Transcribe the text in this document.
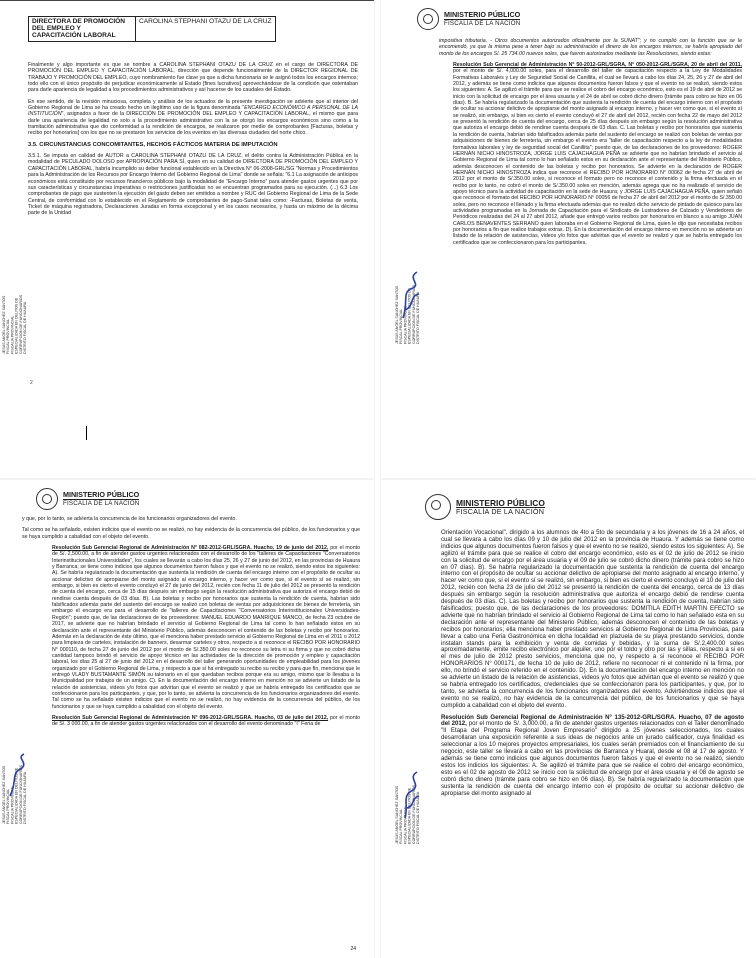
DIRECTORA DE PROMOCIÓN DEL EMPLEO Y CAPACITACIÓN LABORAL	CAROLINA STEPHANI OTAZU DE LA CRUZ

Finalmente y algo importante es que se nombre a CAROLINA STEPHANI OTAZU DE LA CRUZ en el cargo de DIRECTORA DE PROMOCIÓN DEL EMPLEO Y CAPACITACIÓN LABORAL, dirección que depende funcionalmente de la DIRECTOR REGIONAL DE TRABAJO Y PROMOCIÓN DEL EMPLEO, cuyo nombramiento fue clave ya que a dicha funcionaria se le asignó todos los encargos internos; todo ello con el único propósito de perjudicar económicamente al Estado [fines lucrativos] aprovechándose de la condición que ostentaban para darle apariencia de legalidad a los procedimientos administrativos y así hacerse de los caudales del Estado.

En ese sentido, de la revisión minuciosa, completa y análisis de los actuados de la presente investigación se advierte que al interior del Gobierno Regional de Lima se ha creado hecho un ilegítimo uso de la figura denominada "ENCARGO ECONÓMICO A PERSONAL DE LA INSTITUCIÓN", asignados a favor de la DIRECCIÓN DE PROMOCIÓN DEL EMPLEO Y CAPACITACIÓN LABORAL, el mismo que para darle una apariencia de legalidad no solo a la procedimiento administrativo con la se otorgó los encargos económicos sino como a la tramitación administrativa que dio conformidad a la rendición de encargos, se realizaron por medio de comprobantes [Facturas, boletas y recibo por honorarios] con los que no se prestaron los servicios de los eventos en las diversas ciudades del norte chico.

3.5. CIRCUNSTANCIAS CONCOMITANTES, HECHOS FÁCTICOS MATERIA DE IMPUTACIÓN

3.5.1. Se imputa en calidad de AUTOR a CAROLINA STEPHANI OTAZU DE LA CRUZ, el delito contra la Administración Pública en la modalidad de PECULADO DOLOSO por APROPIACIÓN PARA SÍ, quien en su calidad de DIRECTORA DE PROMOCIÓN DEL EMPLEO Y CAPACITACIÓN LABORAL, habría incumplido su deber funcional establecido en la Directiva N° 06-2008-GRL/SG "Normas y Procedimientos para la Administración de los Recursos por Encargo Interno del Gobierno Regional de Lima" donde se señala: "6.1 La asignación de anticipos económicos está constituido por recursos financieros públicos bajo la modalidad de "Encargo Interno" para atender gastos urgentes que por sus características y circunstancias imperativas o restricciones justificadas no se encuentran programados para su ejecución. (...) 6.3 Los comprobantes de pago que sustenten la ejecución del gasto deben ser emitidos a nombre y RUC del Gobierno Regional de Lima de la Sede Central, de conformidad con lo establecido en el Reglamento de comprobantes de pago-Sunat tales como: -Facturas, Boletas de venta, Ticket de máquina registradora, Declaraciones Juradas en forma excepcional y en los casos necesarios, y hasta un máximo de la décima parte de la Unidad

JESUS ANGEL SANCHEZ SANTOS
FISCAL PROVINCIAL
FISCALIA PROVINCIAL
ESPECIALIZADA EN DELITOS DE
CORRUPCION DE FUNCIONARIOS
DISTRITO FISCAL DE HUAURA
2
MINISTERIO PÚBLICO
FISCALÍA DE LA NACIÓN

impositiva tributaria. - Otros documentos autorizados oficialmente por la SUNAT"; y no cumplió con la función que se le encomendó, ya que la misma pese a tener bajo su administración el dinero de los encargos internos, se habría apropiado del monto de los encargos S/. 25 734.00 nuevos soles, que fueron autorizados mediante las Resoluciones, siendo estas:

Resolución Sub Gerencial de Administración N° 50-2012-GRL/SGRA, N° 050-2012-GRL/SGRA, 20 de abril del 2011, por el monto de S/. 4,000.00 soles, para el desarrollo del taller de capacitación respecto a la Ley de Modalidades Formativas Laborales y Ley de Seguridad Social de Canillita, el cual se llevará a cabo los días 24, 25, 26 y 27 de abril del 2012, y además se tiene como indicios que algunos documentos fueron falsos y que el evento no se realizó, siendo estos los siguientes: A. Se agilizó el trámite para que se realice el cobro del encargo económico, esto es el 19 de abril de 2012 se inicio con la solicitud de encargo por el área usuaria y el 24 de abril se cobró dicho dinero (trámite para cobro se hizo en 06 días). B. Se habría regularizado la documentación que sustenta la rendición de cuenta del encargo interno con el propósito de ocultar su accionar delictivo de apropiarse del monto asignado al encargo interno, y hacer ver como que, si el evento sí se realizó, sin embargo, si bien es cierto el evento concluyó el 27 de abril del 2012, recién con fecha 22 de mayo del 2012 se presentó la rendición de cuenta del encargo, cerca de 25 días después sin embargo según la resolución administrativa que autoriza el encargo debió de rendirse cuenta después de 03 días. C. Las boletas y recibo por honorarios que sustenta la rendición de cuenta, habrían sido falsificados además parte del sustento del encargo se realizó con boletas de ventas por adquisiciones de bienes de ferretería, sin embargo el evento era "taller de capacitación respecto a la ley de modalidades formativas laborales y ley de seguridad social del Canillita"; puesto que, de las declaraciones de los proveedores: ROGER HERNÁN NICHO HINOSTROZA, JORGE LUIS CAJACHAGUA PEÑA se advierte que no habrían brindado el servicio al Gobierno Regional de Lima tal como lo han señalado estos en su declaración ante el representante del Ministerio Público, además desconocen el contenido de las boletas y recibo por honorarios. Se advierte en la declaración de ROGER HERNÁN NICHO HINOSTROZA indica que reconoce el RECIBO POR HONORARIO N° 00062 de fecha 27 de abril de 2012 por el monto de S/.350.00 soles, si reconoce el formato pero no reconoce el contenido y la firma efectuada en el recibo por lo tanto, no cobró el monto de S/.350.00 soles en mención, además agrega que no ha realizado el servicio de apoyo técnico para la actividad de capacitación en la sede de Huaura; y JORGE LUIS CAJACHAGUA PEÑA, quien señaló que reconoce el formato del RECIBO POR HONORARIO N° 00056 de fecha 27 de abril del 2012 por el monto de S/.350.00 soles, pero no reconoce el llenado y la firma efectuada además que no realizó dicho servicio de pintado de quiosco para las actividades programadas en la Jornada de Capacitación para el Sindicato de Lustradores de Calzado y Vendedores de Periódicos realizadas del 24 al 27 abril 2012, añade que entregó varios recibos por honorarios en blanco a su amigo JUAN CARLOS BENAVENTES SERRANO quien laboraba en el Gobierno Regional de Lima, quien le dijo que necesitaba recibos por honorarios a fin que realice trabajos extras. D). En la documentación del encargo interno en mención no se advierte un listado de la relación de asistencias, videos y/o fotos que advirtan que el evento se realizó y que se habría entregado los certificados que se confeccionaron para los participantes,

JESUS ANGEL SANCHEZ SANTOS
FISCAL PROVINCIAL
FISCALIA PROVINCIAL
ESPECIALIZADA EN DELITOS DE
CORRUPCION DE FUNCIONARIOS
DISTRITO FISCAL DE HUAURA
MINISTERIO PÚBLICO
FISCALÍA DE LA NACIÓN

y que, por lo tanto, se advierta la concurrencia de los funcionarios organizadores del evento.

Tal como se ha señalado, existen indicios que el evento no se realizó, no hay evidencia de la concurrencia del público, de los funcionarios y que se haya cumplido a cabalidad con el objeto del evento.

Resolución Sub Gerencial Regional de Administración N° 082-2012-GRL/SGRA. Huacho, 19 de junio del 2012, por el monto de S/. 2,500.00, a fin de atender gastos urgentes relacionados con el desarrollo de los "talleres de Capacitaciones "Conversatorios Interinstitucionales Universidades", los cuales se llevarán a cabo los días 25, 26 y 27 de junio del 2012, en las provincias de Huaura y Barranca; se tiene como indicios que algunos documentos fueron falsos y que el evento no se realizó, siendo estos los siguientes: A). Se habría regularizado la documentación que sustenta la rendición de cuenta del encargo interno con el propósito de ocultar su accionar delictivo de apropiarse del monto asignado al encargo interno, y hacer ver como que, si el evento sí se realizó, sin embargo, si bien es cierto el evento concluyó el 27 de junio del 2012, recién con fecha 11 de julio del 2012 se presentó la rendición de cuenta del encargo, cerca de 15 días después sin embargo según la resolución administrativa que autoriza el encargo debió de rendirse cuenta después de 03 días. B). Las boletas y recibo por honorarios que sustenta la rendición de cuenta, habrían sido falsificados además parte del sustento del encargo se realizó con boletas de ventas por adquisiciones de bienes de ferretería, sin embargo el encargo era para el desarrollo de "talleres de Capacitaciones "Conversatorios Interinstitucionales Universidades-Región"; puesto que, de las declaraciones de los proveedores: MANUEL EDUARDO MANRIQUE MANCO, de fecha 23 octubre de 2017, se advierte que no habrían brindado el servicio al Gobierno Regional de Lima tal como lo han señalado estos en su declaración ante el representante del Ministerio Público, además desconocen el contenido de las boletas y recibo por honorarios. Además en la declaración de éste último, que el menciona haber prestado servicio al Gobierno Regional de Lima en el 2011 o 2012 para limpieza de carteles, instalación de banners, desarmar carteles y otros, respecto a si reconoce el RECIBO POR HONORARIO N° 000110, de fecha 27 de junio del 2012 por el monto de S/.350.00 soles no reconoce su letra ni su firma y que no cobró dicha cantidad tampoco brindó el servicio de apoyo técnico en las actividades de la dirección de promoción y empleo y capacitación laboral, los días 25 al 27 de junio del 2012 en el desarrollo del taller generando oportunidades de empleabilidad para los jóvenes organizado por el Gobierno Regional de Lima, y respecto a que si ha entregado su recibo su recibo y para que fin, menciona que le entregó VLADY BUSTAMANTE SIMÓN su talonario en el que quedaban recibos porque era su amigo, mismo que lo llevaba a la Municipalidad por trabajos de un amigo. C). En la documentación del encargo interno en mención no se advierte un listado de la relación de asistencias, videos y/o fotos que advirtan que el evento se realizó y que se habría entregado los certificados que se confeccionaron para los participantes, y que, por lo tanto, se advierta la concurrencia de los funcionarios organizadores del evento. Tal como se ha señalado existen indicios que el evento no se realizó, no hay evidencia de la concurrencia del público, de los funcionarios y que se haya cumplido a cabalidad con el objeto del evento.

Resolución Sub Gerencial Regional de Administración N° 096-2012-GRL/SGRA. Huacho, 03 de julio del 2012, por el monto de S/. 3 000.00, a fin de atender gastos urgentes relacionados con el desarrollo del evento denominado "I" Feria de

JESUS ANGEL SANCHEZ SANTOS
FISCAL PROVINCIAL
FISCALIA PROVINCIAL
ESPECIALIZADA EN DELITOS DE
CORRUPCION DE FUNCIONARIOS
DISTRITO FISCAL DE HUAURA
24
MINISTERIO PÚBLICO
FISCALÍA DE LA NACIÓN

Orientación Vocacional", dirigido a los alumnos de 4to a 5to de secundaria y a los jóvenes de 16 a 24 años, el cual se llevara a cabo los días 09 y 10 de julio del 2012 en la provincia de Huaura. Y además se tiene como indicios que algunos documentos fueron falsos y que el evento no se realizó, siendo estos los siguientes: A). Se agilizó el trámite para que se realice el cobro del encargo económico, esto es el 02 de julio de 2012 se inicio con la solicitud de encargo por el área usuaria y el 09 de julio se cobró dicho dinero (trámite para cobro se hizo en 07 días). B). Se habría regularizado la documentación que sustenta la rendición de cuenta del encargo interno con el propósito de ocultar su accionar delictivo de apropiarse del monto asignado al encargo interno, y hacer ver como que, si el evento sí se realizó, sin embargo, si bien es cierto el evento concluyó el 10 de julio del 2012, recién con fecha 23 de julio del 2012 se presentó la rendición de cuenta del encargo, cerca de 13 días después sin embargo según la resolución administrativa que autoriza el encargo debió de rendirse cuenta después de 03 días. C). Las boletas y recibo por honorarios que sustenta la rendición de cuenta, habrían sido falsificados; puesto que, de las declaraciones de los proveedores: DOMITILA EDITH MARTIN EFECTO se advierte que no habrían brindado el servicio al Gobierno Regional de Lima tal como lo han señalado esta en su declaración ante el representante del Ministerio Público, además desconocen el contenido de las boletas y recibos por honorarios; ella menciona haber prestado servicios al Gobierno Regional de Lima Provincias, para llevar a cabo una Feria Gastronómica en dicha localidad en plazuela de su playa prestando servicios, donde instalan stands para la exhibición y venta de comidas y bebidas, y la suma de S/.2,400.00 soles aproximadamente, emite recibo electrónico por alquiler, uno por el toldo y otro por las y sillas, respecto a si en el mes de julio de 2012 presto servicios, menciona que no, y respecto a si reconoce el RECIBO POR HONORARIOS N° 000171, de fecha 10 de julio de 2012, refiere no reconocer ni el contenido ni la firma, por ello, no brindó el servicio referido en el contenido. D). En la documentación del encargo interno en mención no se advierte un listado de la relación de asistencias, videos y/o fotos que advirtan que el evento se realizó y que se habría entregado los certificados, credenciales que se confeccionaron para los participantes, y que, por lo tanto, se advierta la concurrencia de los funcionarios organizadores del evento. Advirtiéndose indicios que el evento no se realizó, no hay evidencia de la concurrencia del público, de los funcionarios y que se haya cumplido a cabalidad con el objeto del evento.

Resolución Sub Gerencial Regional de Administración N° 135-2012-GRL/SGRA. Huacho, 07 de agosto del 2012, por el monto de S/. 3,000.00, a fin de atender gastos urgentes relacionados con el Taller denominado "II Etapa del Programa Regional Joven Empresario" dirigido a 25 jóvenes seleccionados, los cuales desarrollaran una exposición referente a sus ideas de negocios ante un jurado calificador, cuya finalidad es seleccionar a los 10 mejores proyectos empresariales, los cuales serán premiados con el financiamiento de su negocio, este taller se llevará a cabo en las provincias de Barranca y Huaral, desde el 08 al 17 de agosto. Y además se tiene como indicios que algunos documentos fueron falsos y que el evento no se realizó, siendo estos los indicios los siguientes: A. Se agilizó el trámite para que se realice el cobro del encargo económico, esto es el 02 de agosto de 2012 se inicio con la solicitud de encargo por el área usuaria y el 08 de agosto se cobró dicho dinero (trámite para cobro se hizo en 06 días). B). Se habría regularizado la documentación que sustenta la rendición de cuenta del encargo interno con el propósito de ocultar su accionar delictivo de apropiarse del monto asignado al

JESUS ANGEL SANCHEZ SANTOS
FISCAL PROVINCIAL
FISCALIA PROVINCIAL
ESPECIALIZADA EN DELITOS DE
CORRUPCION DE FUNCIONARIOS
DISTRITO FISCAL DE HUAURA
